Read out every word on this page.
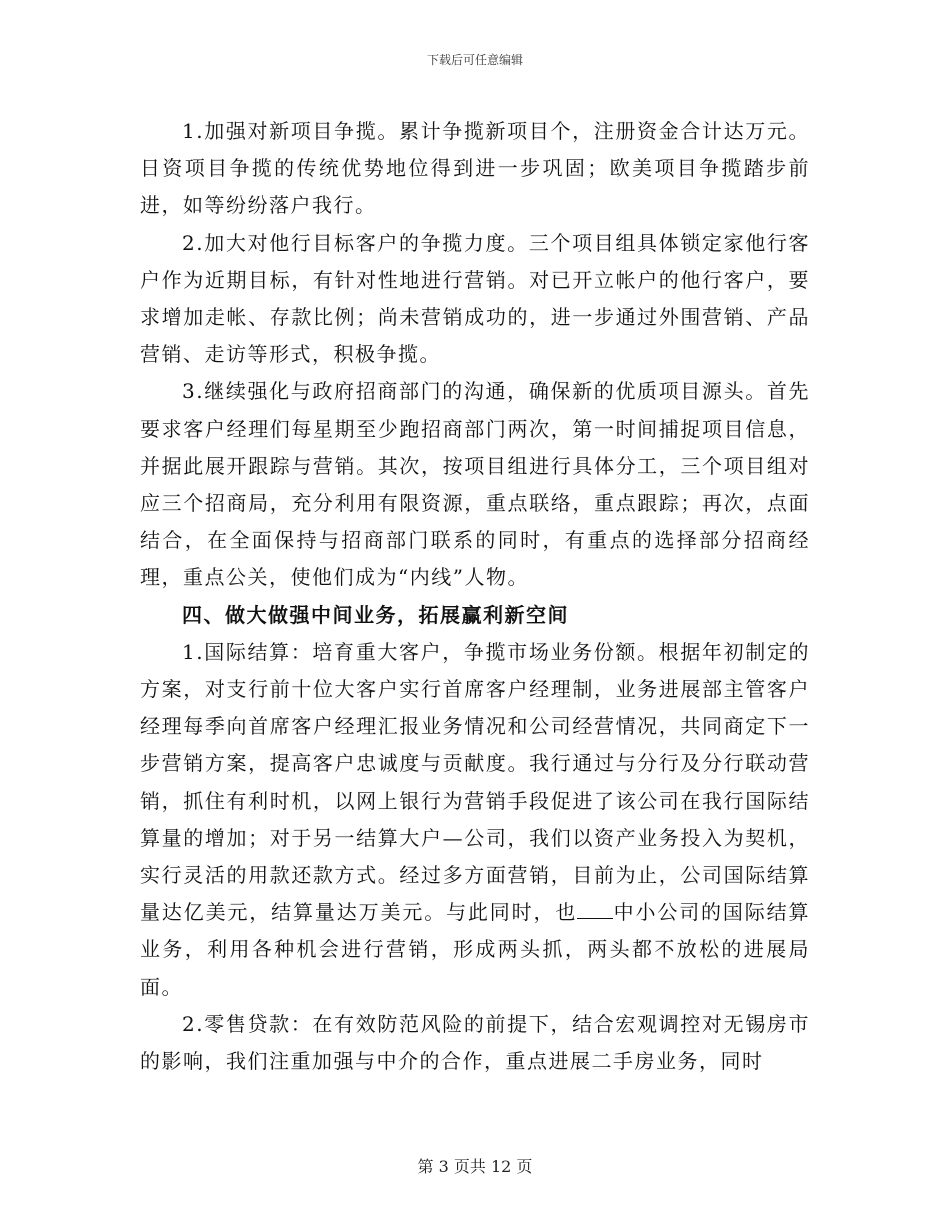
下载后可任意编辑

1.加强对新项目争揽。累计争揽新项目个，注册资金合计达万元。日资项目争揽的传统优势地位得到进一步巩固；欧美项目争揽踏步前进，如等纷纷落户我行。

2.加大对他行目标客户的争揽力度。三个项目组具体锁定家他行客户作为近期目标，有针对性地进行营销。对已开立帐户的他行客户，要求增加走帐、存款比例；尚未营销成功的，进一步通过外围营销、产品营销、走访等形式，积极争揽。

3.继续强化与政府招商部门的沟通，确保新的优质项目源头。首先要求客户经理们每星期至少跑招商部门两次，第一时间捕捉项目信息，并据此展开跟踪与营销。其次，按项目组进行具体分工，三个项目组对应三个招商局，充分利用有限资源，重点联络，重点跟踪；再次，点面结合，在全面保持与招商部门联系的同时，有重点的选择部分招商经理，重点公关，使他们成为“内线”人物。

四、做大做强中间业务，拓展赢利新空间

1.国际结算：培育重大客户，争揽市场业务份额。根据年初制定的方案，对支行前十位大客户实行首席客户经理制，业务进展部主管客户经理每季向首席客户经理汇报业务情况和公司经营情况，共同商定下一步营销方案，提高客户忠诚度与贡献度。我行通过与分行及分行联动营销，抓住有利时机，以网上银行为营销手段促进了该公司在我行国际结算量的增加；对于另一结算大户—公司，我们以资产业务投入为契机，实行灵活的用款还款方式。经过多方面营销，目前为止，公司国际结算量达亿美元，结算量达万美元。与此同时，也 中小公司的国际结算业务，利用各种机会进行营销，形成两头抓，两头都不放松的进展局面。

2.零售贷款：在有效防范风险的前提下，结合宏观调控对无锡房市的影响，我们注重加强与中介的合作，重点进展二手房业务，同时

第 3 页共 12 页
